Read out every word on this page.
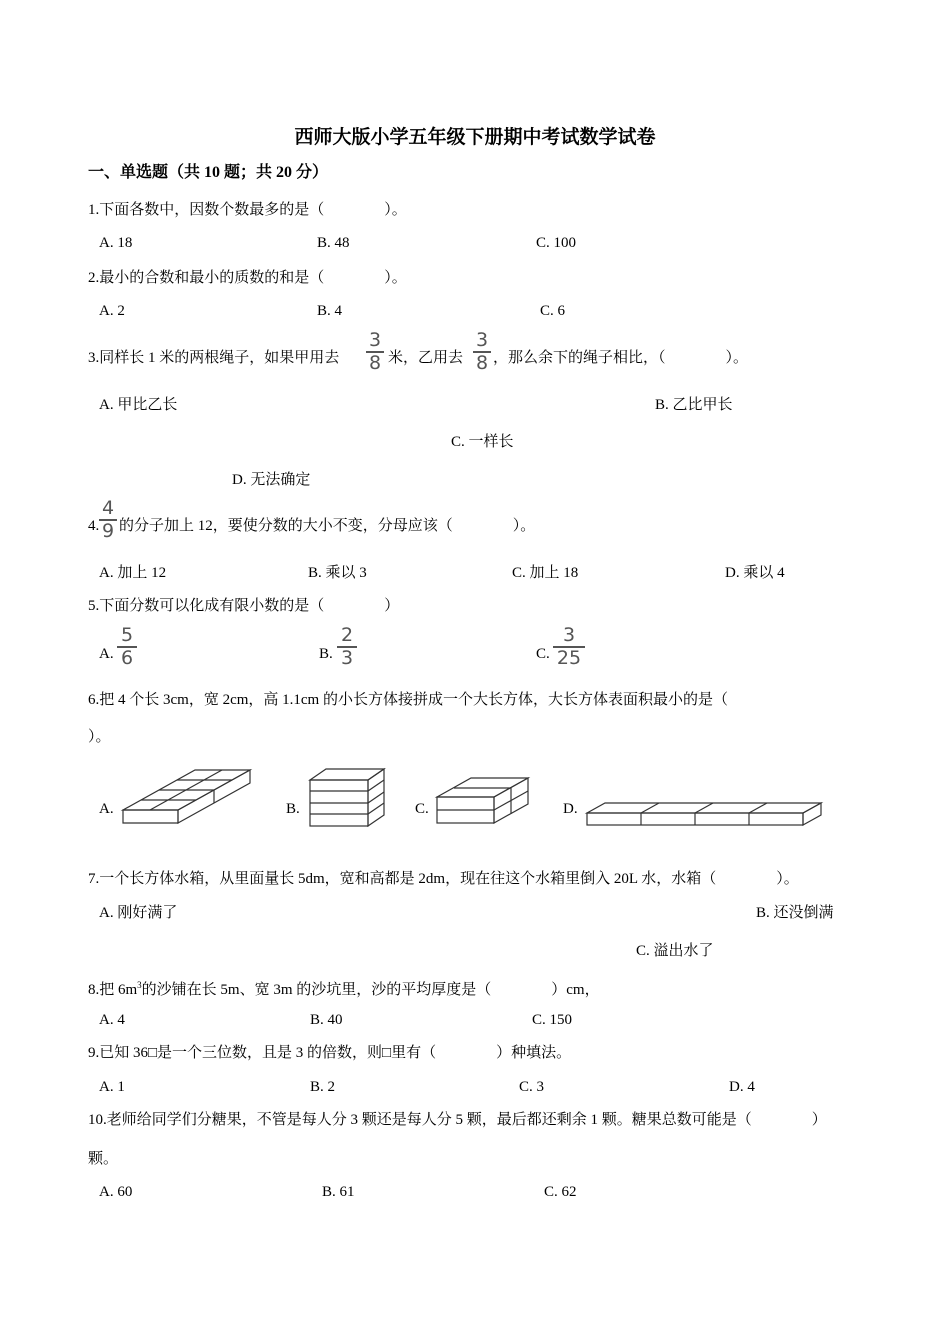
西师大版小学五年级下册期中考试数学试卷
一、单选题（共 10 题；共 20 分）
1.下面各数中，因数个数最多的是（　　　　）。
A. 18	B. 48	C. 100
2.最小的合数和最小的质数的和是（　　　　）。
A. 2	B. 4	C. 6
3.同样长 1 米的两根绳子，如果甲用去
3
8 米，乙用去
3
8 ，那么余下的绳子相比，（　　　　）。
A. 甲比乙长	B. 乙比甲长
C. 一样长
D. 无法确定
4.
4
9 的分子加上 12，要使分数的大小不变，分母应该（　　　　）。
A. 加上 12	B. 乘以 3	C. 加上 18	D. 乘以 4
5.下面分数可以化成有限小数的是（　　　　）
A.
5
6	B.
2
3	C.
3
25
6.把 4 个长 3cm，宽 2cm，高 1.1cm 的小长方体接拼成一个大长方体，大长方体表面积最小的是（
）。
A.	B.	C.	D.
7.一个长方体水箱，从里面量长 5dm，宽和高都是 2dm，现在往这个水箱里倒入 20L 水，水箱（　　　　）。
A. 刚好满了	B. 还没倒满
C. 溢出水了
8.把 $6m^3$的沙铺在长 5m、宽 3m 的沙坑里，沙的平均厚度是（　　　　）cm，
A. 4	B. 40	C. 150
9.已知 36□是一个三位数，且是 3 的倍数，则□里有（　　　　）种填法。
A. 1	B. 2	C. 3	D. 4
10.老师给同学们分糖果，不管是每人分 3 颗还是每人分 5 颗，最后都还剩余 1 颗。糖果总数可能是（　　　　）
颗。
A. 60	B. 61	C. 62
